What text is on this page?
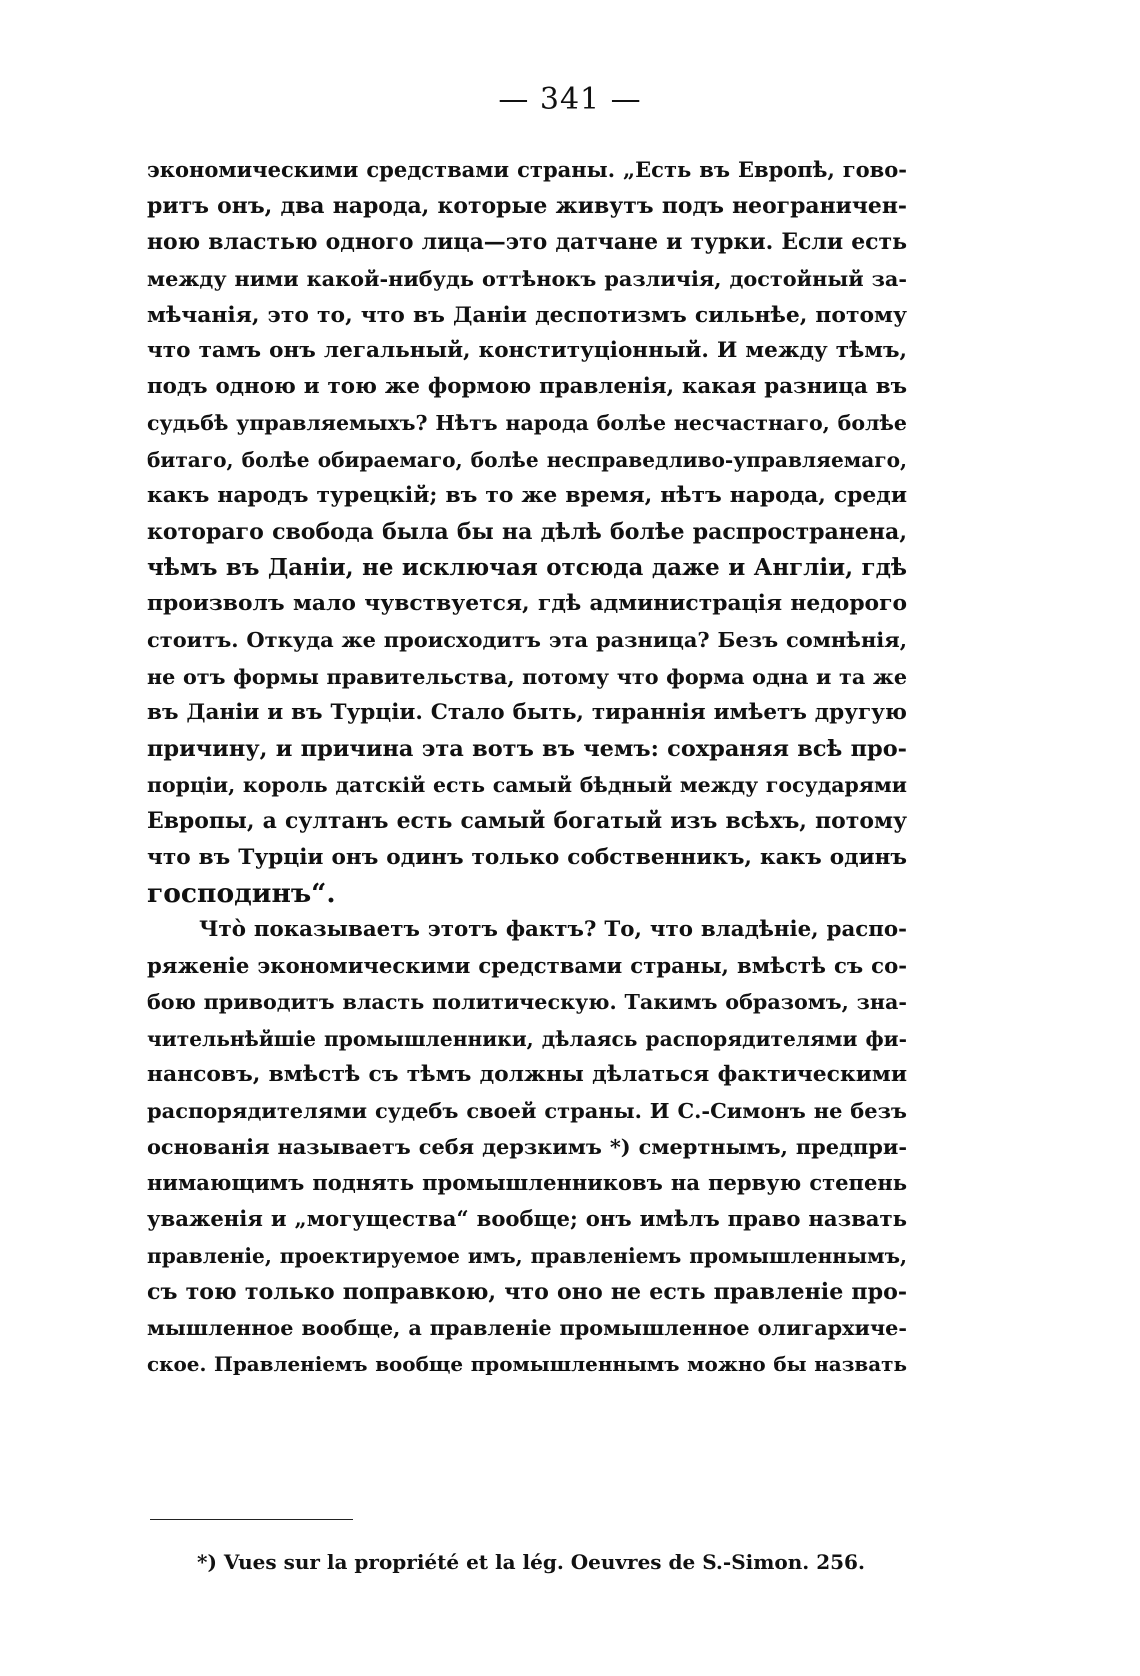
— 341 —
экономическими средствами страны. „Есть въ Европѣ, гово-
ритъ онъ, два народа, которые живутъ подъ неограничен-
ною властью одного лица—это датчане и турки. Если есть
между ними какой-нибудь оттѣнокъ различія, достойный за-
мѣчанія, это то, что въ Даніи деспотизмъ сильнѣе, потому
что тамъ онъ легальный, конституціонный. И между тѣмъ,
подъ одною и тою же формою правленія, какая разница въ
судьбѣ управляемыхъ? Нѣтъ народа болѣе несчастнаго, болѣе
битаго, болѣе обираемаго, болѣе несправедливо-управляемаго,
какъ народъ турецкій; въ то же время, нѣтъ народа, среди
котораго свобода была бы на дѣлѣ болѣе распространена,
чѣмъ въ Даніи, не исключая отсюда даже и Англіи, гдѣ
произволъ мало чувствуется, гдѣ администрація недорого
стоитъ. Откуда же происходитъ эта разница? Безъ сомнѣнія,
не отъ формы правительства, потому что форма одна и та же
въ Даніи и въ Турціи. Стало быть, тираннія имѣетъ другую
причину, и причина эта вотъ въ чемъ: сохраняя всѣ про-
порціи, король датскій есть самый бѣдный между государями
Европы, а султанъ есть самый богатый изъ всѣхъ, потому
что въ Турціи онъ одинъ только собственникъ, какъ одинъ
господинъ“.
Что̀ показываетъ этотъ фактъ? То, что владѣніе, распо-
ряженіе экономическими средствами страны, вмѣстѣ съ со-
бою приводитъ власть политическую. Такимъ образомъ, зна-
чительнѣйшіе промышленники, дѣлаясь распорядителями фи-
нансовъ, вмѣстѣ съ тѣмъ должны дѣлаться фактическими
распорядителями судебъ своей страны. И С.-Симонъ не безъ
основанія называетъ себя дерзкимъ *) смертнымъ, предпри-
нимающимъ поднять промышленниковъ на первую степень
уваженія и „могущества“ вообще; онъ имѣлъ право назвать
правленіе, проектируемое имъ, правленіемъ промышленнымъ,
съ тою только поправкою, что оно не есть правленіе про-
мышленное вообще, а правленіе промышленное олигархиче-
ское. Правленіемъ вообще промышленнымъ можно бы назвать
*) Vues sur la propriété et la lég. Oeuvres de S.-Simon. 256.
